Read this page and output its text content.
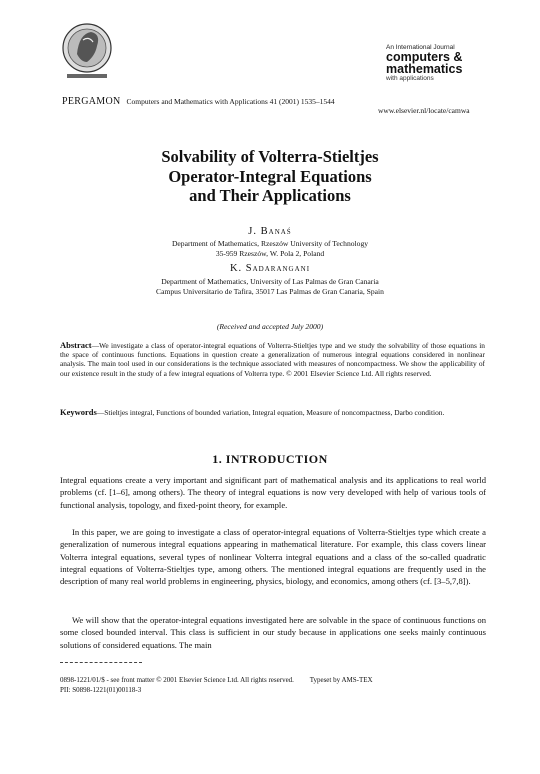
An International Journal
computers &
mathematics
with applications
PERGAMON Computers and Mathematics with Applications 41 (2001) 1535–1544
www.elsevier.nl/locate/camwa
Solvability of Volterra-Stieltjes
Operator-Integral Equations
and Their Applications
J. Banaś
Department of Mathematics, Rzeszów University of Technology
35-959 Rzeszów, W. Pola 2, Poland
K. Sadarangani
Department of Mathematics, University of Las Palmas de Gran Canaria
Campus Universitario de Tafira, 35017 Las Palmas de Gran Canaria, Spain
(Received and accepted July 2000)
Abstract—We investigate a class of operator-integral equations of Volterra-Stieltjes type and we study the solvability of those equations in the space of continuous functions. Equations in question create a generalization of numerous integral equations considered in nonlinear analysis. The main tool used in our considerations is the technique associated with measures of noncompactness. We show the applicability of our existence result in the study of a few integral equations of Volterra type. © 2001 Elsevier Science Ltd. All rights reserved.
Keywords—Stieltjes integral, Functions of bounded variation, Integral equation, Measure of noncompactness, Darbo condition.
1. INTRODUCTION
Integral equations create a very important and significant part of mathematical analysis and its applications to real world problems (cf. [1–6], among others). The theory of integral equations is now very developed with help of various tools of functional analysis, topology, and fixed-point theory, for example.
In this paper, we are going to investigate a class of operator-integral equations of Volterra-Stieltjes type which create a generalization of numerous integral equations appearing in mathematical literature. For example, this class covers linear Volterra integral equations, several types of nonlinear Volterra integral equations and a class of the so-called quadratic integral equations of Volterra-Stieltjes type, among others. The mentioned integral equations are frequently used in the description of many real world problems in engineering, physics, biology, and economics, among others (cf. [3–5,7,8]).
We will show that the operator-integral equations investigated here are solvable in the space of continuous functions on some closed bounded interval. This class is sufficient in our study because in applications one seeks mainly continuous solutions of considered equations. The main
0898-1221/01/$ - see front matter © 2001 Elsevier Science Ltd. All rights reserved. Typeset by AMS-TEX
PII: S0898-1221(01)00118-3
